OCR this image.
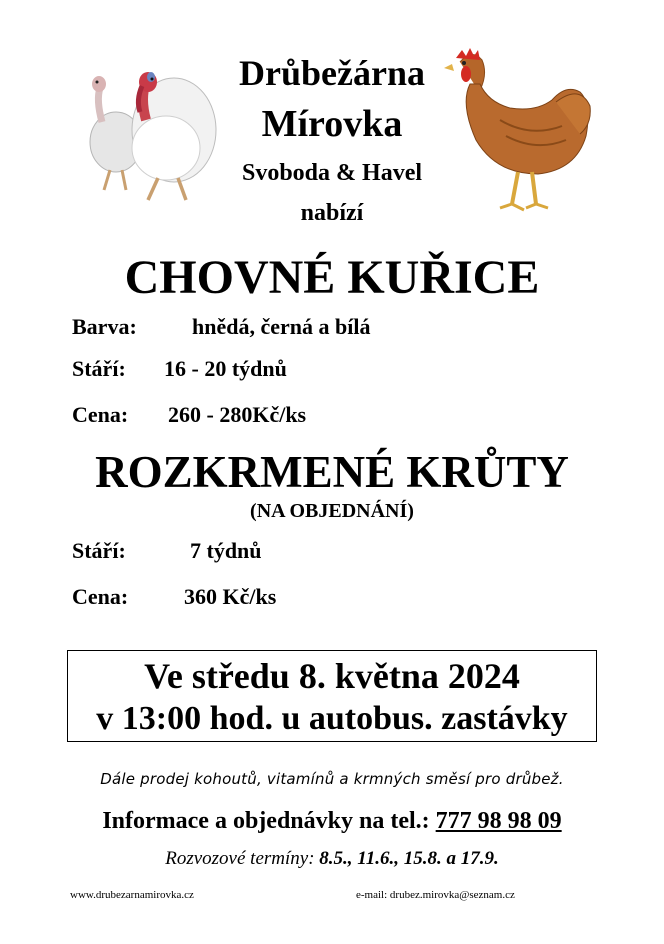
Drůbežárna
Mírovka
Svoboda & Havel
nabízí
CHOVNÉ KUŘICE
Barva:	hnědá, černá a bílá
Stáří: 16 - 20 týdnů
Cena: 260 - 280Kč/ks
ROZKRMENÉ KRŮTY
(NA OBJEDNÁNÍ)
Stáří:	7 týdnů
Cena:	360 Kč/ks
Ve středu 8. května 2024
v 13:00 hod. u autobus. zastávky
Dále prodej kohoutů, vitamínů a krmných směsí pro drůbež.
Informace a objednávky na tel.: 777 98 98 09
Rozvozové termíny: 8.5., 11.6., 15.8. a 17.9.
www.drubezarnamirovka.cz	e-mail: drubez.mirovka@seznam.cz
